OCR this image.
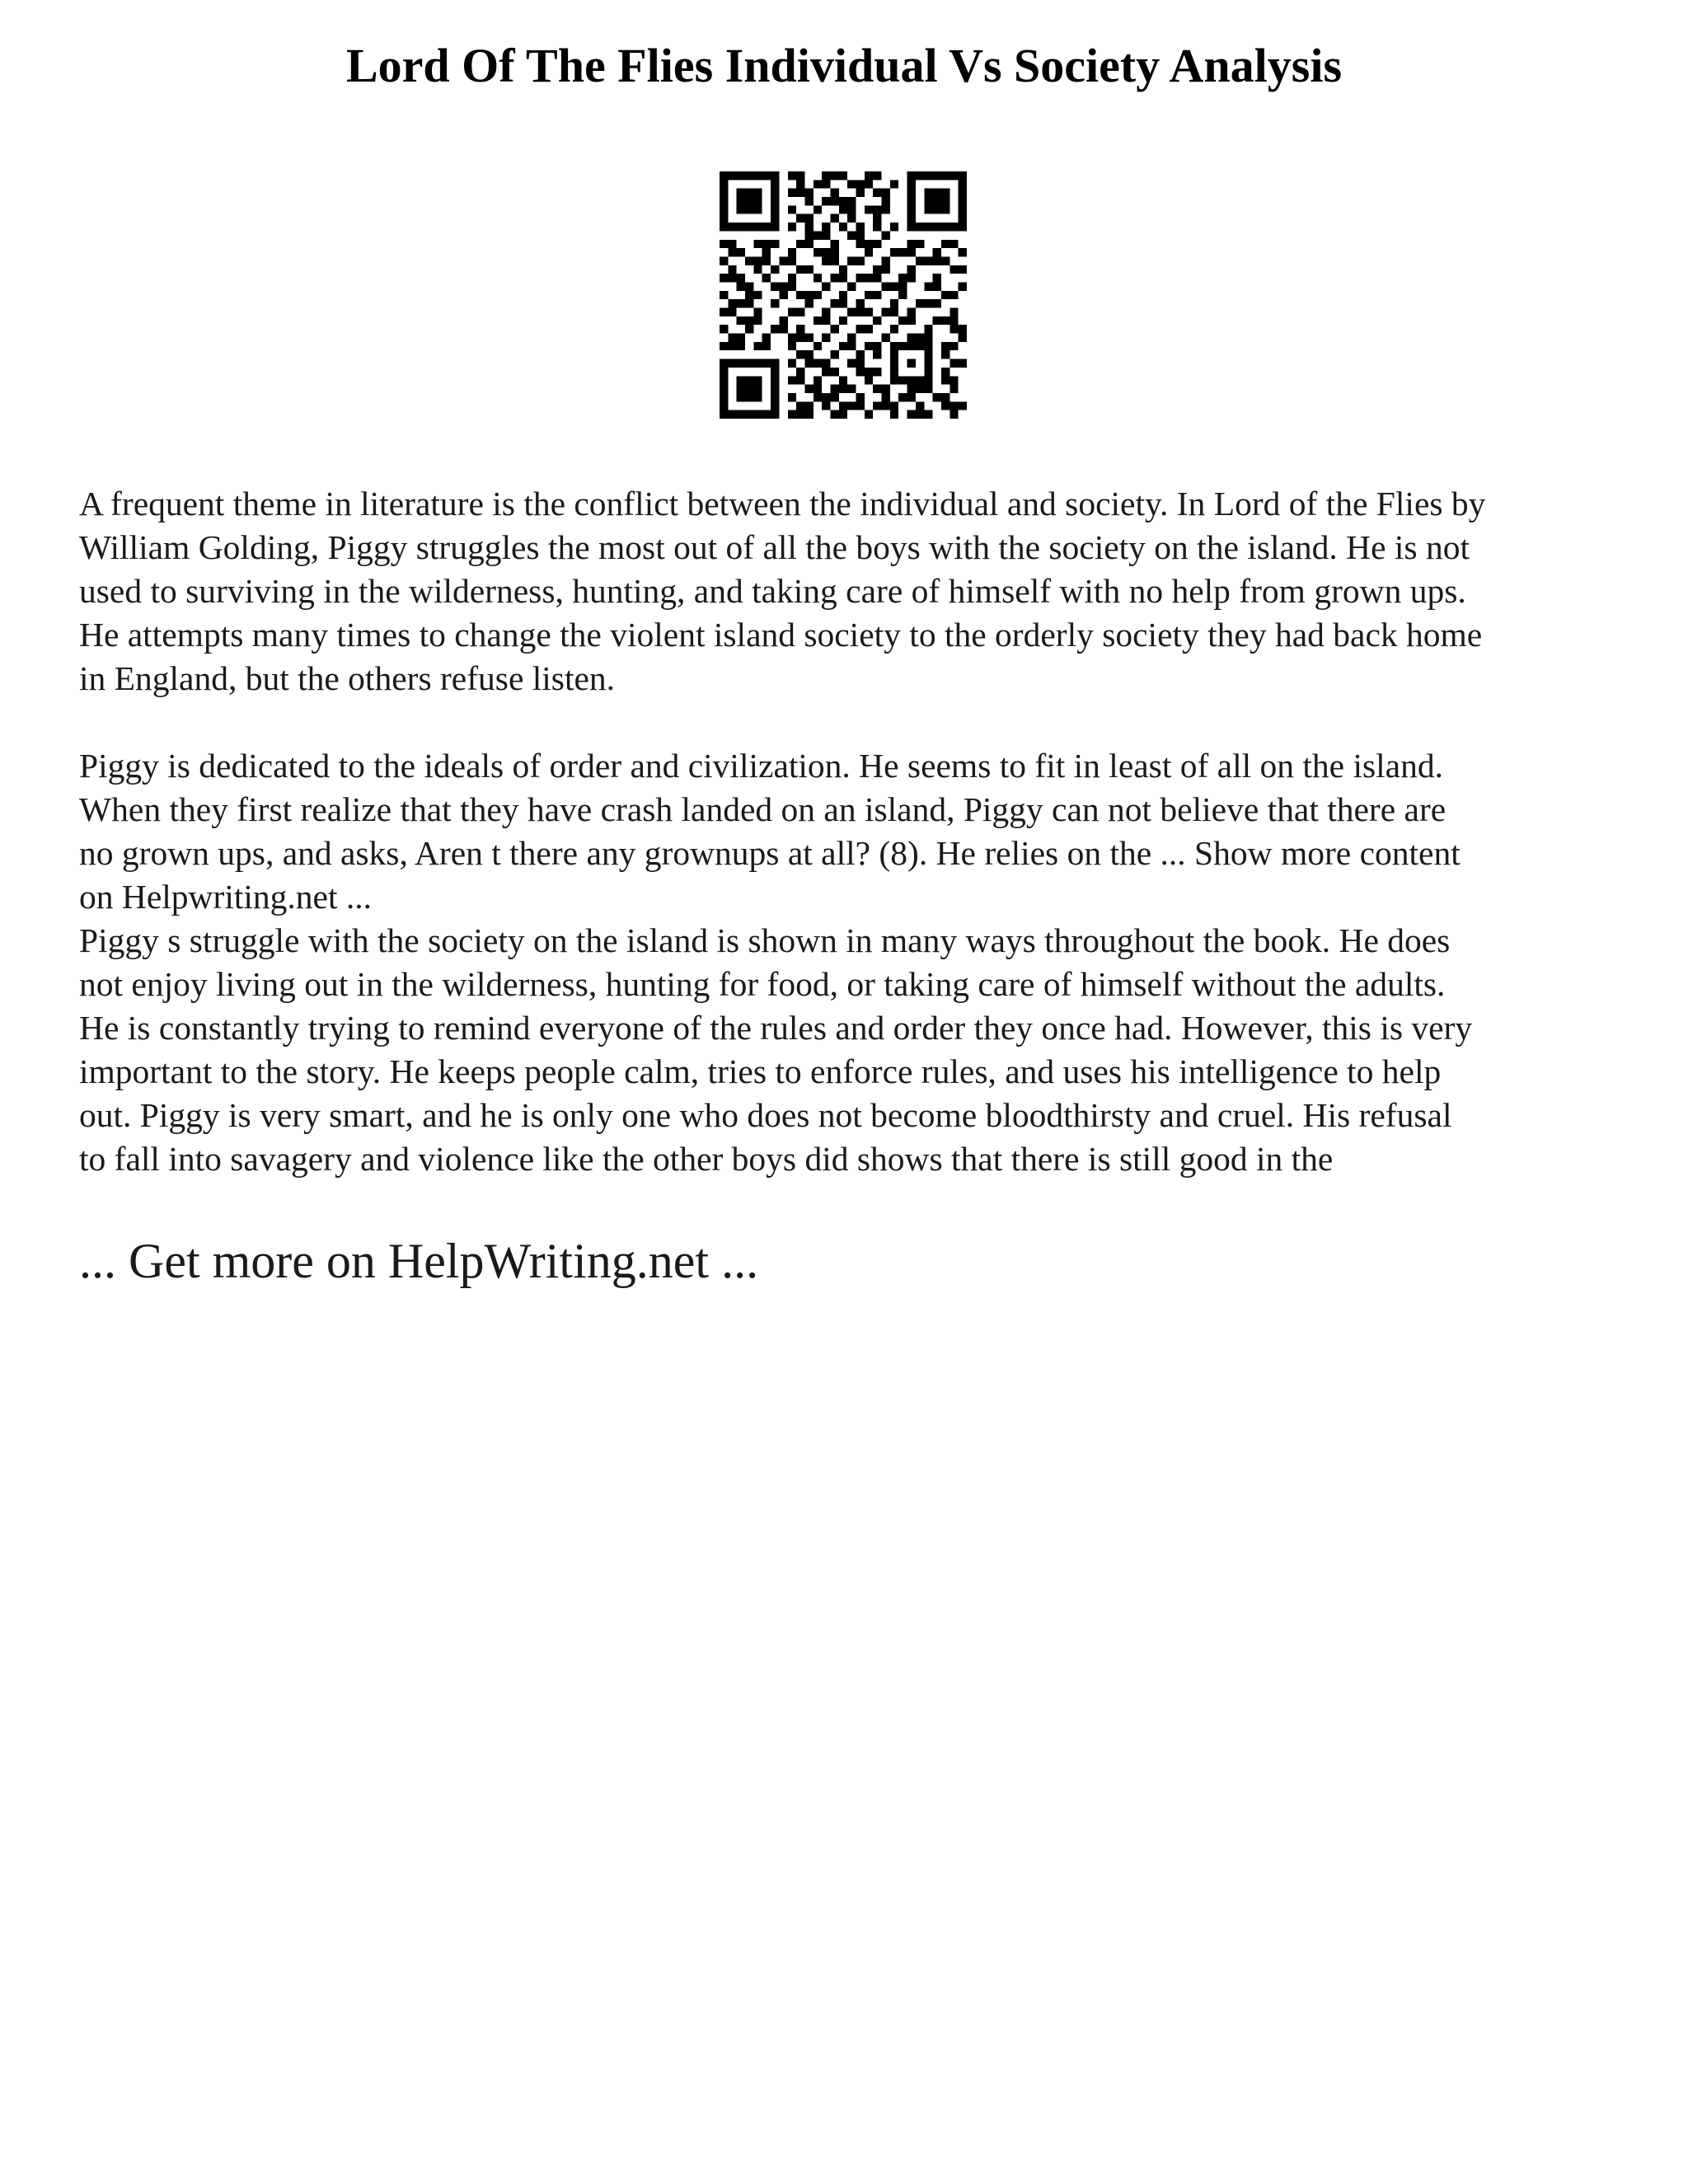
Lord Of The Flies Individual Vs Society Analysis

A frequent theme in literature is the conflict between the individual and society. In Lord of the Flies by
William Golding, Piggy struggles the most out of all the boys with the society on the island. He is not
used to surviving in the wilderness, hunting, and taking care of himself with no help from grown ups.
He attempts many times to change the violent island society to the orderly society they had back home
in England, but the others refuse listen.

Piggy is dedicated to the ideals of order and civilization. He seems to fit in least of all on the island.
When they first realize that they have crash landed on an island, Piggy can not believe that there are
no grown ups, and asks, Aren t there any grownups at all? (8). He relies on the ... Show more content
on Helpwriting.net ...

Piggy s struggle with the society on the island is shown in many ways throughout the book. He does
not enjoy living out in the wilderness, hunting for food, or taking care of himself without the adults.
He is constantly trying to remind everyone of the rules and order they once had. However, this is very
important to the story. He keeps people calm, tries to enforce rules, and uses his intelligence to help
out. Piggy is very smart, and he is only one who does not become bloodthirsty and cruel. His refusal
to fall into savagery and violence like the other boys did shows that there is still good in the

... Get more on HelpWriting.net ...
